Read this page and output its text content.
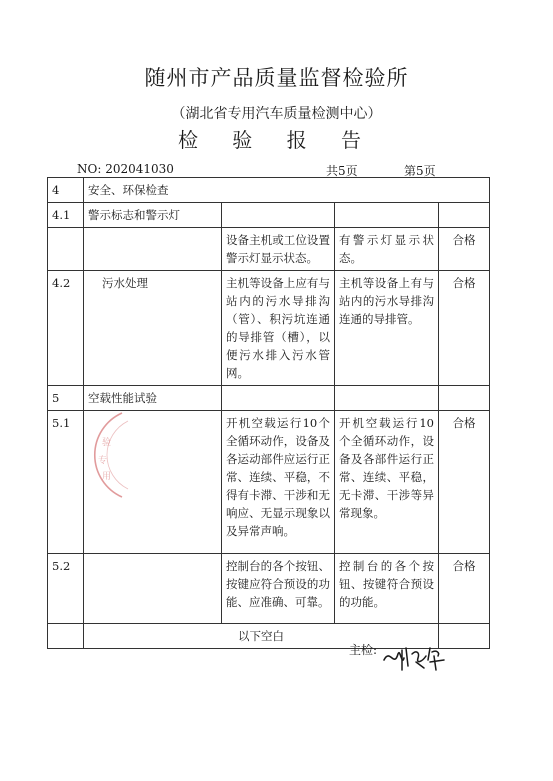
随州市产品质量监督检验所
（湖北省专用汽车质量检测中心）
检 验 报 告
NO: 202041030	共5页	第5页
4	安全、环保检查			
4.1	警示标志和警示灯			
		设备主机或工位设置警示灯显示状态。	有警示灯显示状态。	合格
4.2	污水处理	主机等设备上应有与站内的污水导排沟（管）、积污坑连通的导排管（槽），以便污水排入污水管网。	主机等设备上有与站内的污水导排沟连通的导排管。	合格
5	空载性能试验			
5.1		开机空载运行10个全循环动作，设备及各运动部件应运行正常、连续、平稳，不得有卡滞、干涉和无响应、无显示现象以及异常声响。	开机空载运行10个全循环动作，设备及各部件运行正常、连续、平稳，无卡滞、干涉等异常现象。	合格
5.2		控制台的各个按钮、按键应符合预设的功能、应准确、可靠。	控制台的各个按钮、按键符合预设的功能。	合格
	以下空白			
验
专
用
主检:
